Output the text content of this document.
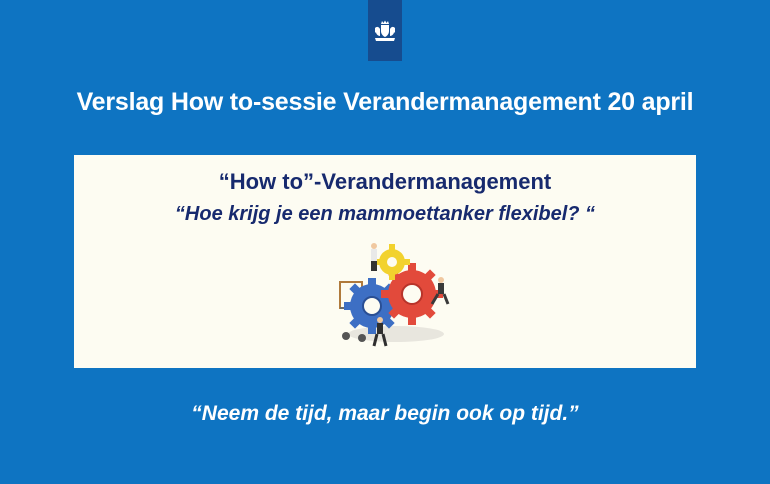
Verslag How to-sessie Verandermanagement 20 april
“How to”-Verandermanagement
“Hoe krijg je een mammoettanker flexibel? “
“Neem de tijd, maar begin ook op tijd.”
